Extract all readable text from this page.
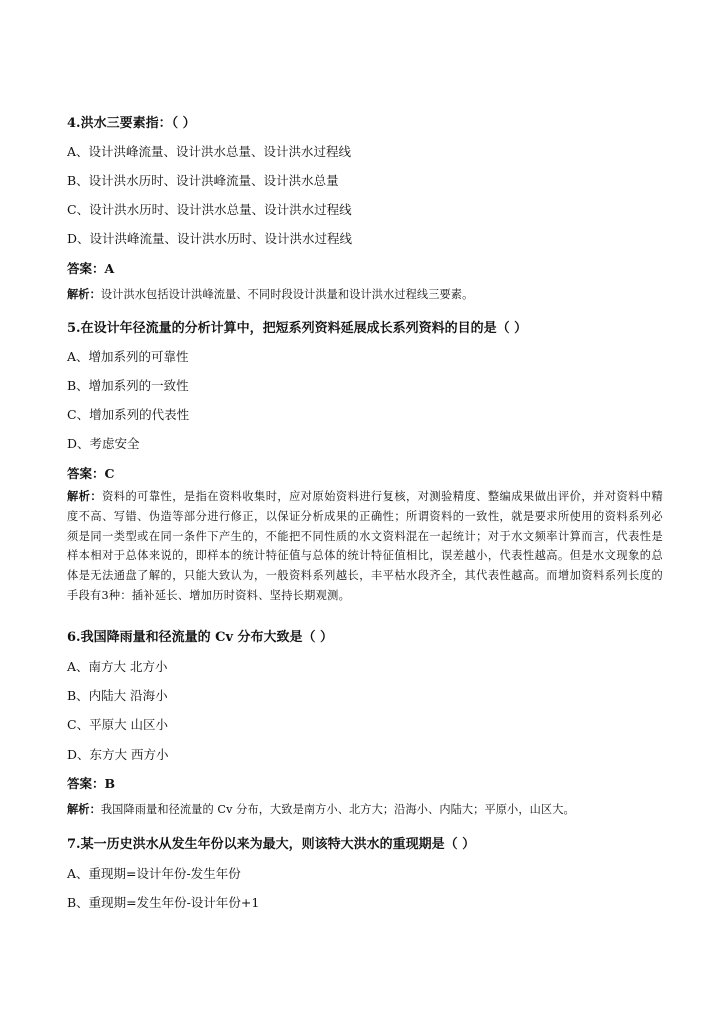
4.洪水三要素指：（ ）
A、设计洪峰流量、设计洪水总量、设计洪水过程线
B、设计洪水历时、设计洪峰流量、设计洪水总量
C、设计洪水历时、设计洪水总量、设计洪水过程线
D、设计洪峰流量、设计洪水历时、设计洪水过程线
答案：A
解析：设计洪水包括设计洪峰流量、不同时段设计洪量和设计洪水过程线三要素。
5.在设计年径流量的分析计算中，把短系列资料延展成长系列资料的目的是（ ）
A、增加系列的可靠性
B、增加系列的一致性
C、增加系列的代表性
D、考虑安全
答案：C
解析：资料的可靠性，是指在资料收集时，应对原始资料进行复核，对测验精度、整编成果做出评价，并对资料中精度不高、写错、伪造等部分进行修正，以保证分析成果的正确性；所谓资料的一致性，就是要求所使用的资料系列必须是同一类型或在同一条件下产生的，不能把不同性质的水文资料混在一起统计；对于水文频率计算而言，代表性是样本相对于总体来说的，即样本的统计特征值与总体的统计特征值相比，误差越小，代表性越高。但是水文现象的总体是无法通盘了解的，只能大致认为，一般资料系列越长，丰平枯水段齐全，其代表性越高。而增加资料系列长度的手段有3种：插补延长、增加历时资料、坚持长期观测。
6.我国降雨量和径流量的 Cv 分布大致是（ ）
A、南方大 北方小
B、内陆大 沿海小
C、平原大 山区小
D、东方大 西方小
答案：B
解析：我国降雨量和径流量的 Cv 分布，大致是南方小、北方大；沿海小、内陆大；平原小，山区大。
7.某一历史洪水从发生年份以来为最大，则该特大洪水的重现期是（ ）
A、重现期=设计年份-发生年份
B、重现期=发生年份-设计年份+1
